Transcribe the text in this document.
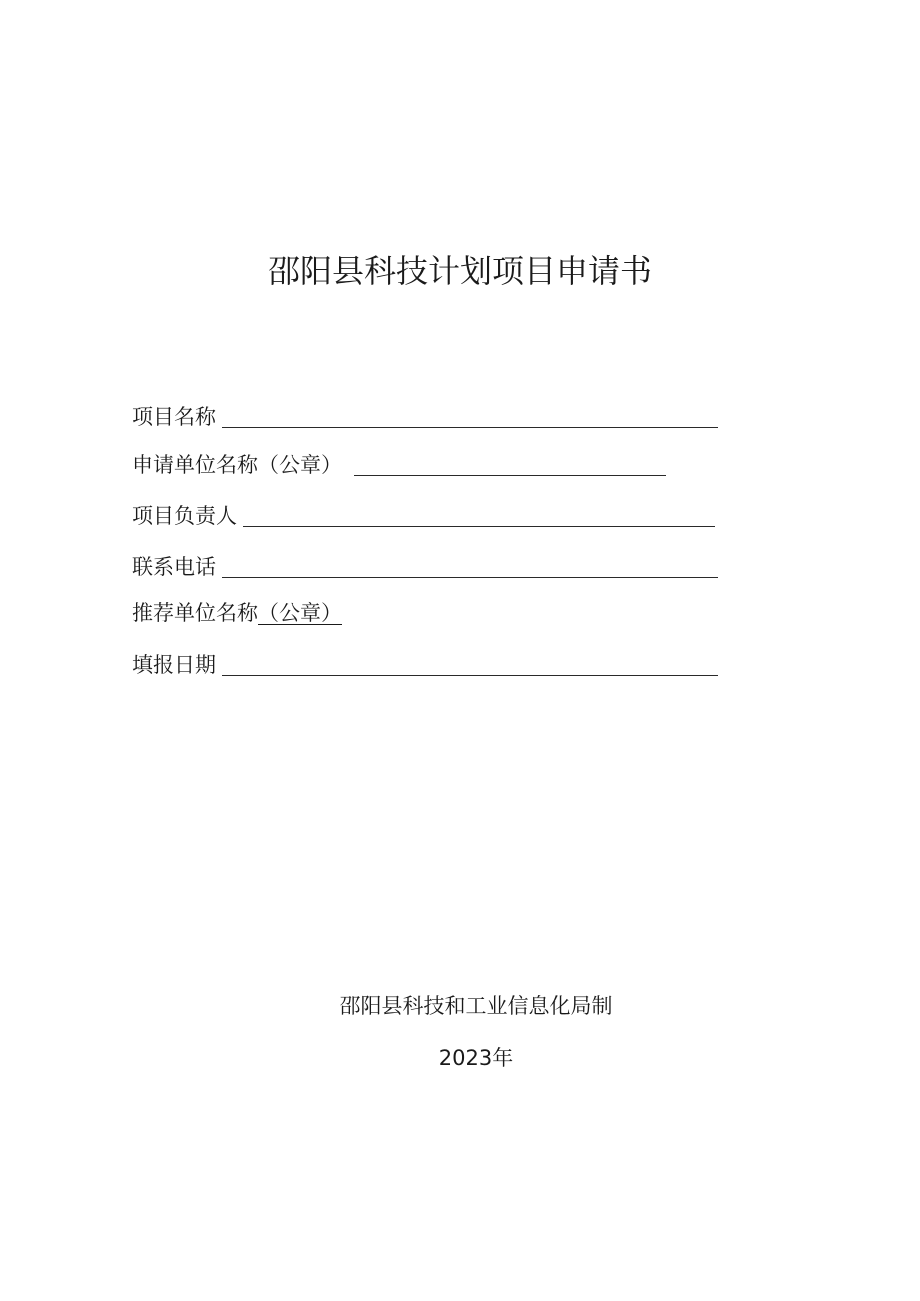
邵阳县科技计划项目申请书
项目名称
申请单位名称（公章）
项目负责人
联系电话
推荐单位名称 （公章）
填报日期
邵阳县科技和工业信息化局制
2023年
